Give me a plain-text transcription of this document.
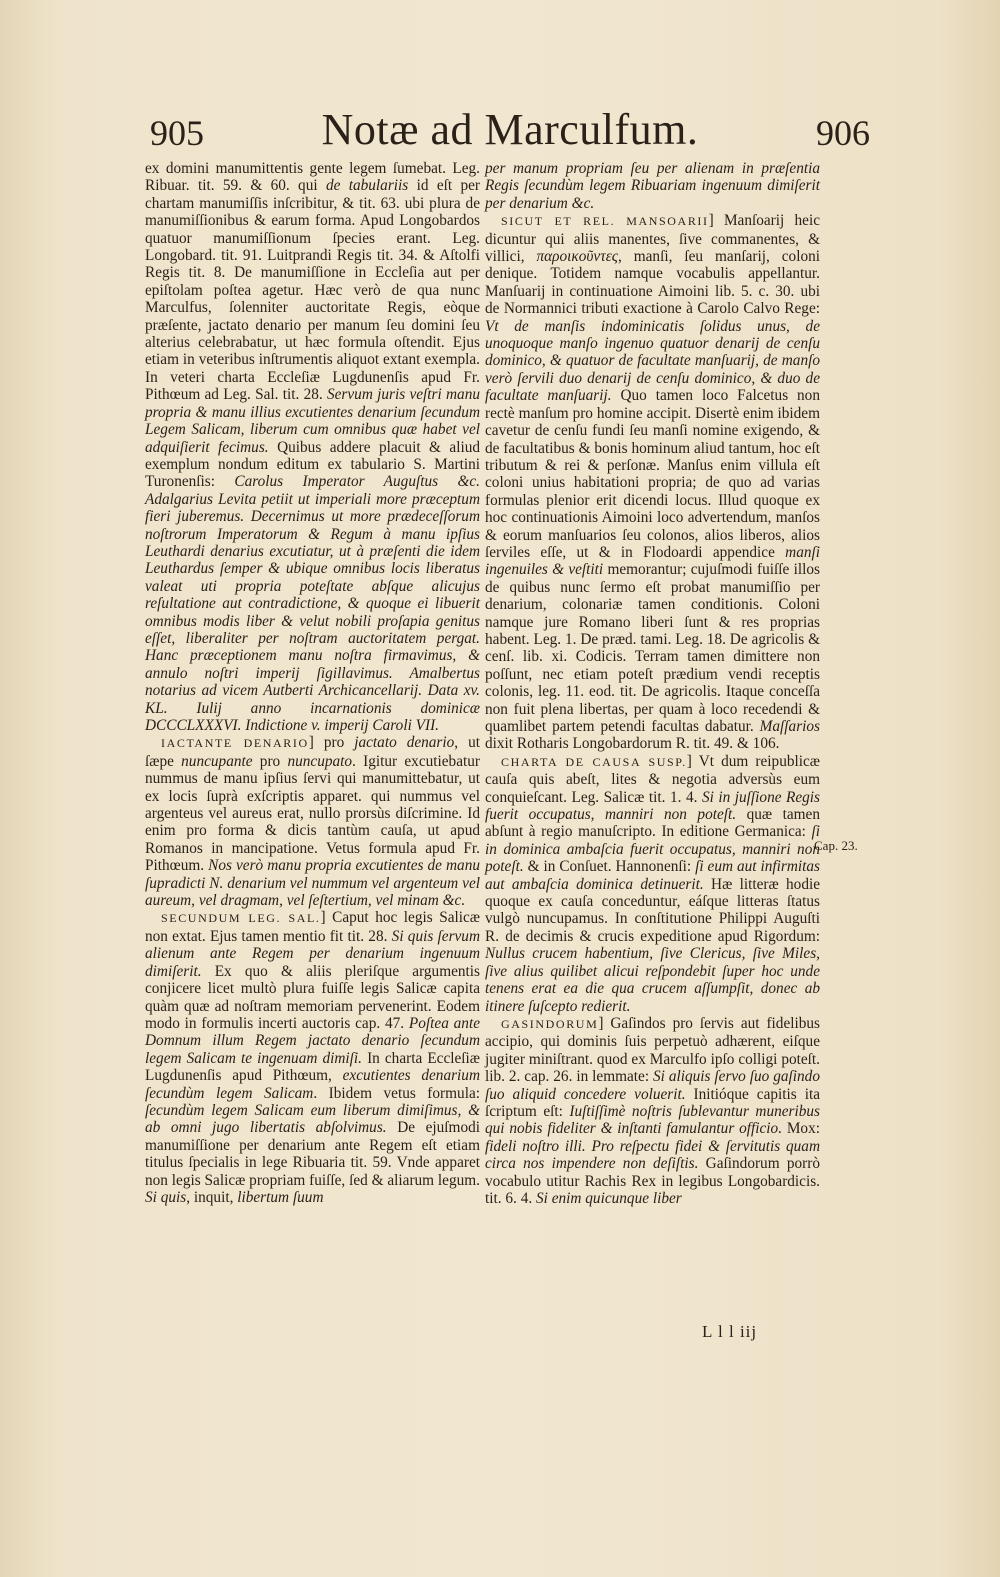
905	Notæ ad Marculfum.	906

ex domini manumittentis gente legem ſumebat. Leg. Ribuar. tit. 59. & 60. qui de tabulariis id eſt per chartam manumiſſis inſcribitur, & tit. 63. ubi plura de manumiſſionibus & earum forma. Apud Longobardos quatuor manumiſſionum ſpecies erant. Leg. Longobard. tit. 91. Luitprandi Regis tit. 34. & Aſtolfi Regis tit. 8. De manumiſſione in Eccleſia aut per epiſtolam poſtea agetur. Hæc verò de qua nunc Marculfus, ſolenniter auctoritate Regis, eòque præſente, jactato denario per manum ſeu domini ſeu alterius celebrabatur, ut hæc formula oſtendit. Ejus etiam in veteribus inſtrumentis aliquot extant exempla. In veteri charta Eccleſiæ Lugdunenſis apud Fr. Pithœum ad Leg. Sal. tit. 28. Servum juris veſtri manu propria & manu illius excutientes denarium ſecundum Legem Salicam, liberum cum omnibus quæ habet vel adquiſierit fecimus. Quibus addere placuit & aliud exemplum nondum editum ex tabulario S. Martini Turonenſis: Carolus Imperator Auguſtus &c. Adalgarius Levita petiit ut imperiali more præceptum fieri juberemus. Decernimus ut more prædeceſſorum noſtrorum Imperatorum & Regum à manu ipſius Leuthardi denarius excutiatur, ut à præſenti die idem Leuthardus ſemper & ubique omnibus locis liberatus valeat uti propria poteſtate abſque alicujus reſultatione aut contradictione, & quoque ei libuerit omnibus modis liber & velut nobili proſapia genitus eſſet, liberaliter per noſtram auctoritatem pergat. Hanc præceptionem manu noſtra firmavimus, & annulo noſtri imperij ſigillavimus. Amalbertus notarius ad vicem Autberti Archicancellarij. Data xv. KL. Iulij anno incarnationis dominicæ DCCCLXXXVI. Indictione v. imperij Caroli VII.

IACTANTE DENARIO] pro jactato denario, ut ſæpe nuncupante pro nuncupato. Igitur excutiebatur nummus de manu ipſius ſervi qui manumittebatur, ut ex locis ſuprà exſcriptis apparet. qui nummus vel argenteus vel aureus erat, nullo prorsùs diſcrimine. Id enim pro forma & dicis tantùm cauſa, ut apud Romanos in mancipatione. Vetus formula apud Fr. Pithœum. Nos verò manu propria excutientes de manu ſupradicti N. denarium vel nummum vel argenteum vel aureum, vel dragmam, vel ſeſtertium, vel minam &c.

SECUNDUM LEG. SAL.] Caput hoc legis Salicæ non extat. Ejus tamen mentio fit tit. 28. Si quis ſervum alienum ante Regem per denarium ingenuum dimiſerit. Ex quo & aliis pleriſque argumentis conjicere licet multò plura fuiſſe legis Salicæ capita quàm quæ ad noſtram memoriam pervenerint. Eodem modo in formulis incerti auctoris cap. 47. Poſtea ante Domnum illum Regem jactato denario ſecundum legem Salicam te ingenuam dimiſi. In charta Eccleſiæ Lugdunenſis apud Pithœum, excutientes denarium ſecundùm legem Salicam. Ibidem vetus formula: ſecundùm legem Salicam eum liberum dimiſimus, & ab omni jugo libertatis abſolvimus. De ejuſmodi manumiſſione per denarium ante Regem eſt etiam titulus ſpecialis in lege Ribuaria tit. 59. Vnde apparet non legis Salicæ propriam fuiſſe, ſed & aliarum legum. Si quis, inquit, libertum ſuum

per manum propriam ſeu per alienam in præſentia Regis ſecundùm legem Ribuariam ingenuum dimiſerit per denarium &c.

SICUT ET REL. MANSOARII] Manſoarij heic dicuntur qui aliis manentes, ſive commanentes, & villici, παροικοῦντες, manſi, ſeu manſarij, coloni denique. Totidem namque vocabulis appellantur. Manſuarij in continuatione Aimoini lib. 5. c. 30. ubi de Normannici tributi exactione à Carolo Calvo Rege: Vt de manſis indominicatis ſolidus unus, de unoquoque manſo ingenuo quatuor denarij de cenſu dominico, & quatuor de facultate manſuarij, de manſo verò ſervili duo denarij de cenſu dominico, & duo de facultate manſuarij. Quo tamen loco Falcetus non rectè manſum pro homine accipit. Disertè enim ibidem cavetur de cenſu fundi ſeu manſi nomine exigendo, & de facultatibus & bonis hominum aliud tantum, hoc eſt tributum & rei & perſonæ. Manſus enim villula eſt coloni unius habitationi propria; de quo ad varias formulas plenior erit dicendi locus. Illud quoque ex hoc continuationis Aimoini loco advertendum, manſos & eorum manſuarios ſeu colonos, alios liberos, alios ſerviles eſſe, ut & in Flodoardi appendice manſi ingenuiles & veſtiti memorantur; cujuſmodi fuiſſe illos de quibus nunc ſermo eſt probat manumiſſio per denarium, colonariæ tamen conditionis. Coloni namque jure Romano liberi ſunt & res proprias habent. Leg. 1. De præd. tami. Leg. 18. De agricolis & cenſ. lib. xi. Codicis. Terram tamen dimittere non poſſunt, nec etiam poteſt prædium vendi receptis colonis, leg. 11. eod. tit. De agricolis. Itaque conceſſa non fuit plena libertas, per quam à loco recedendi & quamlibet partem petendi facultas dabatur. Maſſarios dixit Rotharis Longobardorum R. tit. 49. & 106.

CHARTA DE CAUSA SUSP.] Vt dum reipublicæ cauſa quis abeſt, lites & negotia adversùs eum conquieſcant. Leg. Salicæ tit. 1. 4. Si in juſſione Regis fuerit occupatus, manniri non poteſt. quæ tamen abſunt à regio manuſcripto. In editione Germanica: ſi in dominica ambaſcia fuerit occupatus, manniri non poteſt. & in Conſuet. Hannonenſi: ſi eum aut infirmitas aut ambaſcia dominica detinuerit. Hæ litteræ hodie quoque ex cauſa conceduntur, eáſque litteras ſtatus vulgò nuncupamus. In conſtitutione Philippi Auguſti R. de decimis & crucis expeditione apud Rigordum: Nullus crucem habentium, ſive Clericus, ſive Miles, ſive alius quilibet alicui reſpondebit ſuper hoc unde tenens erat ea die qua crucem aſſumpſit, donec ab itinere ſuſcepto redierit.

GASINDORUM] Gaſindos pro ſervis aut fidelibus accipio, qui dominis ſuis perpetuò adhærent, eiſque jugiter miniſtrant. quod ex Marculfo ipſo colligi poteſt. lib. 2. cap. 26. in lemmate: Si aliquis ſervo ſuo gaſindo ſuo aliquid concedere voluerit. Initióque capitis ita ſcriptum eſt: Iuſtiſſimè noſtris ſublevantur muneribus qui nobis fideliter & inſtanti famulantur officio. Mox: fideli noſtro illi. Pro reſpectu fidei & ſervitutis quam circa nos impendere non deſiſtis. Gaſindorum porrò vocabulo utitur Rachis Rex in legibus Longobardicis. tit. 6. 4. Si enim quicunque liber

Cap. 23.
L l l iij
